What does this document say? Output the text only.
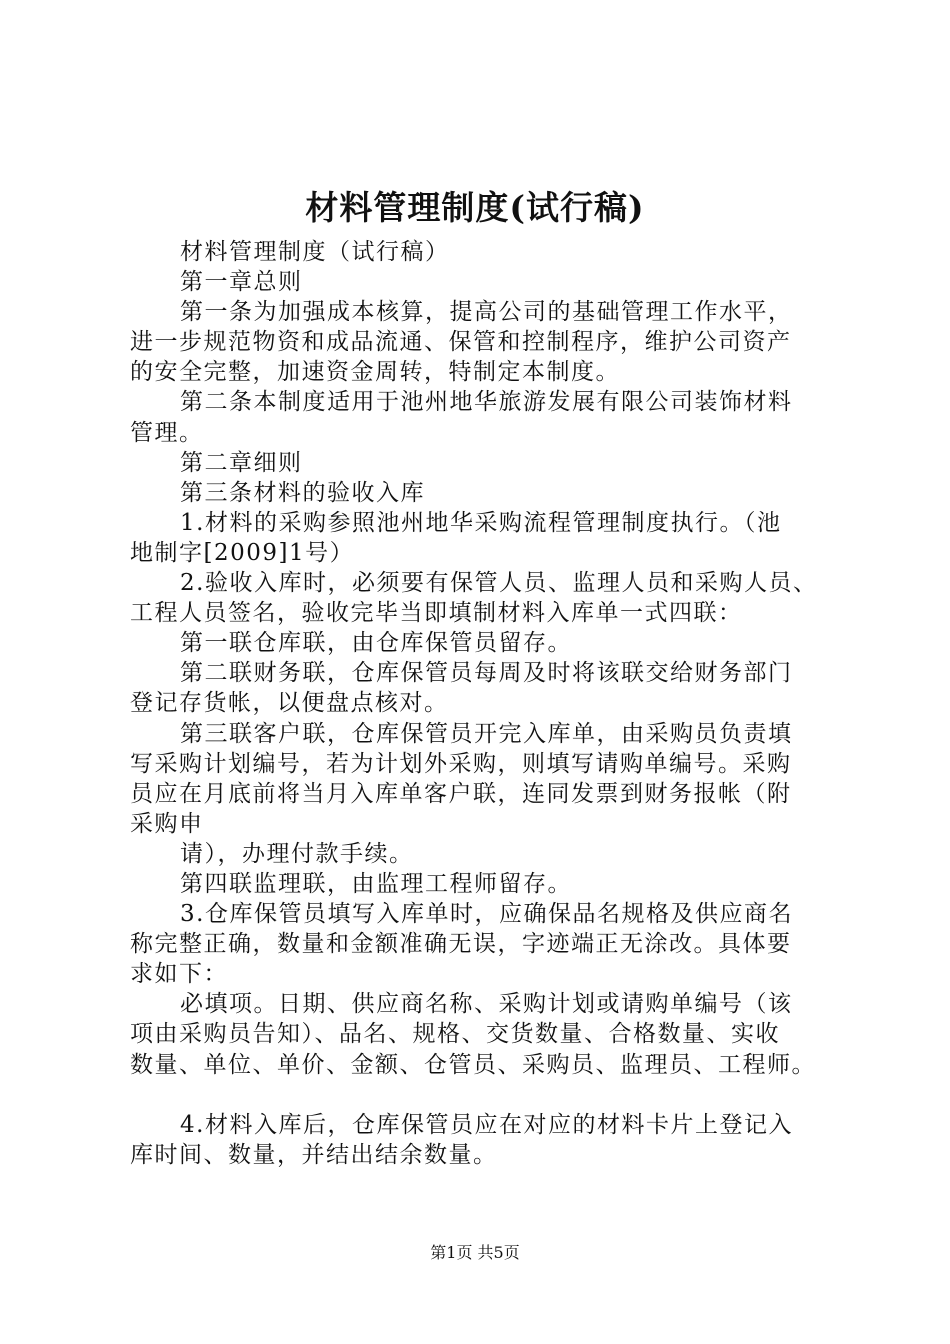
材料管理制度(试行稿)
材料管理制度（试行稿）
第一章总则
第一条为加强成本核算，提高公司的基础管理工作水平，
进一步规范物资和成品流通、保管和控制程序，维护公司资产
的安全完整，加速资金周转，特制定本制度。
第二条本制度适用于池州地华旅游发展有限公司装饰材料
管理。
第二章细则
第三条材料的验收入库
1.材料的采购参照池州地华采购流程管理制度执行。（池
地制字[2009]1号）
2.验收入库时，必须要有保管人员、监理人员和采购人员、
工程人员签名，验收完毕当即填制材料入库单一式四联：
第一联仓库联，由仓库保管员留存。
第二联财务联，仓库保管员每周及时将该联交给财务部门
登记存货帐，以便盘点核对。
第三联客户联，仓库保管员开完入库单，由采购员负责填
写采购计划编号，若为计划外采购，则填写请购单编号。采购
员应在月底前将当月入库单客户联，连同发票到财务报帐（附
采购申
请），办理付款手续。
第四联监理联，由监理工程师留存。
3.仓库保管员填写入库单时，应确保品名规格及供应商名
称完整正确，数量和金额准确无误，字迹端正无涂改。具体要
求如下：
必填项。日期、供应商名称、采购计划或请购单编号（该
项由采购员告知）、品名、规格、交货数量、合格数量、实收
数量、单位、单价、金额、仓管员、采购员、监理员、工程师。
4.材料入库后，仓库保管员应在对应的材料卡片上登记入
库时间、数量，并结出结余数量。
第1页 共5页
